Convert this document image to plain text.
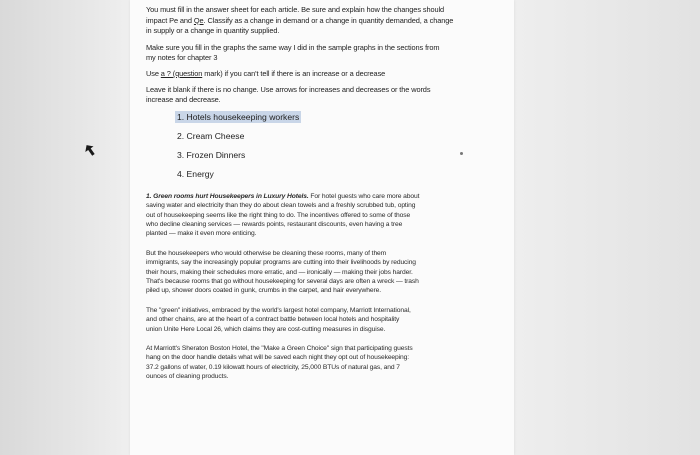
You must fill in the answer sheet for each article. Be sure and explain how the changes should
impact Pe and Qe. Classify as a change in demand or a change in quantity demanded, a change
in supply or a change in quantity supplied.

Make sure you fill in the graphs the same way I did in the sample graphs in the sections from
my notes for chapter 3

Use a ? (question mark) if you can't tell if there is an increase or a decrease

Leave it blank if there is no change. Use arrows for increases and decreases or the words
increase and decrease.

1. Hotels housekeeping workers
2. Cream Cheese
3. Frozen Dinners
4. Energy

1. Green rooms hurt Housekeepers in Luxury Hotels. For hotel guests who care more about
saving water and electricity than they do about clean towels and a freshly scrubbed tub, opting
out of housekeeping seems like the right thing to do. The incentives offered to some of those
who decline cleaning services — rewards points, restaurant discounts, even having a tree
planted — make it even more enticing.

But the housekeepers who would otherwise be cleaning these rooms, many of them
immigrants, say the increasingly popular programs are cutting into their livelihoods by reducing
their hours, making their schedules more erratic, and — ironically — making their jobs harder.
That's because rooms that go without housekeeping for several days are often a wreck — trash
piled up, shower doors coated in gunk, crumbs in the carpet, and hair everywhere.

The "green" initiatives, embraced by the world's largest hotel company, Marriott International,
and other chains, are at the heart of a contract battle between local hotels and hospitality
union Unite Here Local 26, which claims they are cost-cutting measures in disguise.

At Marriott's Sheraton Boston Hotel, the "Make a Green Choice" sign that participating guests
hang on the door handle details what will be saved each night they opt out of housekeeping:
37.2 gallons of water, 0.19 kilowatt hours of electricity, 25,000 BTUs of natural gas, and 7
ounces of cleaning products.
